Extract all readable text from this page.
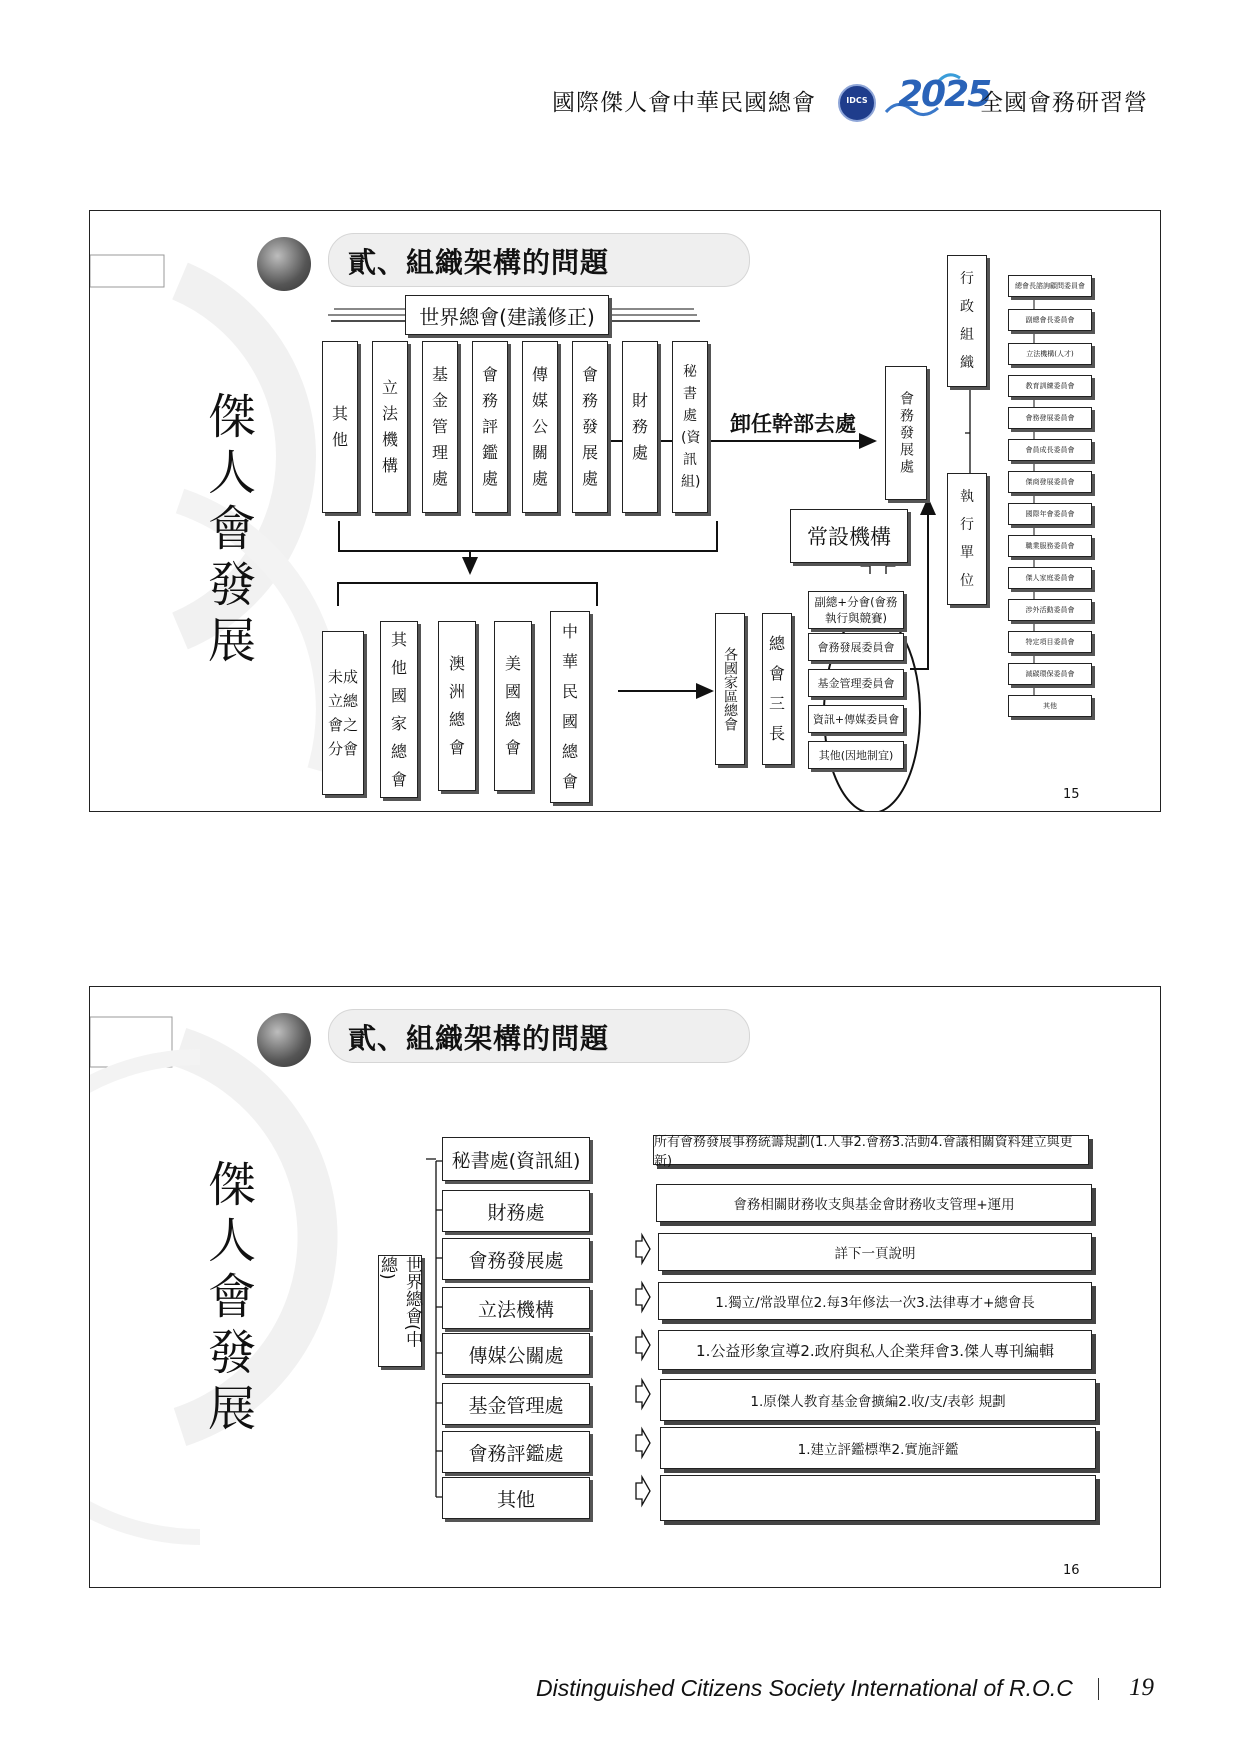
國際傑人會中華民國總會	IDCS 2025
全國會務研習營
貳、組織架構的問題
傑
人
會
發
展
世界總會(建議修正)
其他
立法機構
基金管理處
會務評鑑處
傳媒公關處
會務發展處
財務處
秘書處(資訊組)
卸任幹部去處	會務發展處
常設機構
未成立總會之分會
其他國家總會
澳洲總會
美國總會
中華民國總會
各國家區總會
總會三長
副總+分會(會務執行與競賽)
會務發展委員會
基金管理委員會
資訊+傳媒委員會
其他(因地制宜)
行政組織
執行單位
總會長諮詢顧問委員會
副總會長委員會
立法機構(人才)
教育訓練委員會
會務發展委員會
會員成長委員會
傑商發展委員會
國際年會委員會
職業服務委員會
傑人家庭委員會
涉外活動委員會
特定項目委員會
減碳環保委員會
其他
15
貳、組織架構的問題
傑
人
會
發
展
世界總會(中總)
秘書處(資訊組)
財務處
會務發展處
立法機構
傳媒公關處
基金管理處
會務評鑑處
其他
所有會務發展事務統籌規劃(1.人事2.會務3.活動4.會議相關資料建立與更新)
會務相關財務收支與基金會財務收支管理+運用
詳下一頁說明
1.獨立/常設單位2.每3年修法一次3.法律專才+總會長
1.公益形象宣導2.政府與私人企業拜會3.傑人專刊編輯
1.原傑人教育基金會擴編2.收/支/表彰 規劃
1.建立評鑑標準2.實施評鑑
16
Distinguished Citizens Society International of R.O.C 19
